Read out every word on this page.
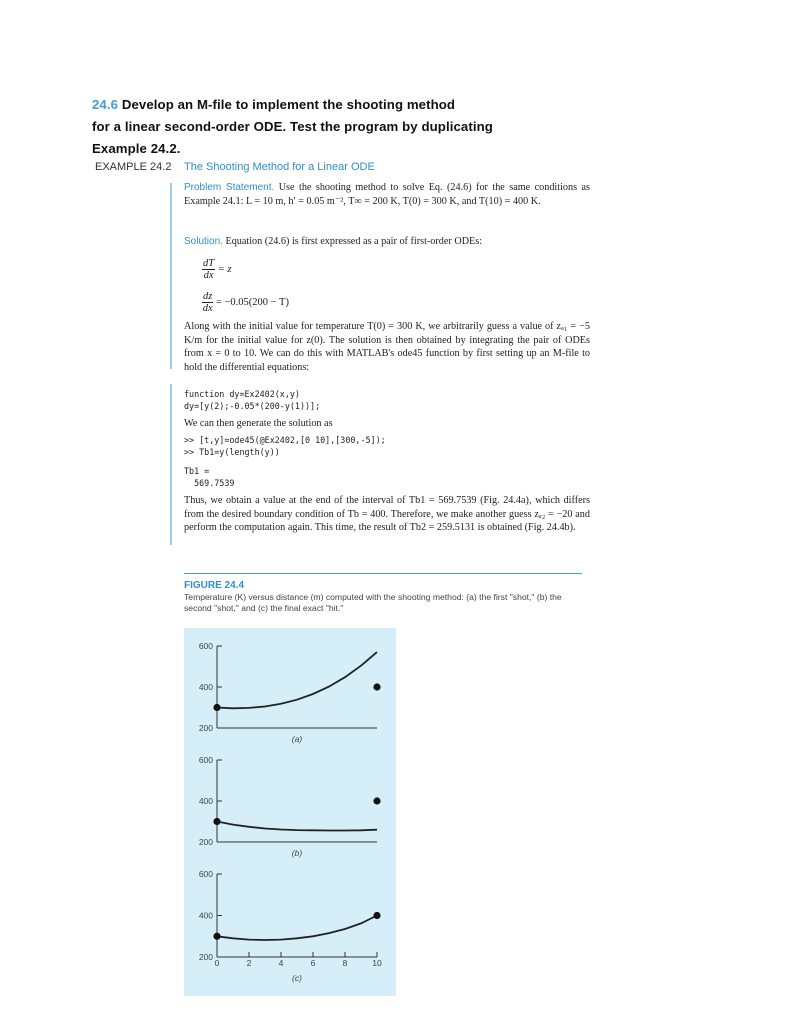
24.6 Develop an M-file to implement the shooting method
for a linear second-order ODE. Test the program by duplicating
Example 24.2.
EXAMPLE 24.2 The Shooting Method for a Linear ODE
Problem Statement. Use the shooting method to solve Eq. (24.6) for the same conditions as Example 24.1: L = 10 m, h′ = 0.05 m⁻², T∞ = 200 K, T(0) = 300 K, and T(10) = 400 K.
Solution. Equation (24.6) is first expressed as a pair of first-order ODEs:
$\frac{dT}{dx} = z$
$\frac{dz}{dx} = -0.05(200 - T)$
Along with the initial value for temperature T(0) = 300 K, we arbitrarily guess a value of zₐ₁ = −5 K/m for the initial value for z(0). The solution is then obtained by integrating the pair of ODEs from x = 0 to 10. We can do this with MATLAB's ode45 function by first setting up an M-file to hold the differential equations:
function dy=Ex2402(x,y)
dy=[y(2);-0.05*(200-y(1))];
We can then generate the solution as
>> [t,y]=ode45(@Ex2402,[0 10],[300,-5]);
>> Tb1=y(length(y))
Tb1 =
569.7539
Thus, we obtain a value at the end of the interval of Tb1 = 569.7539 (Fig. 24.4a), which differs from the desired boundary condition of Tb = 400. Therefore, we make another guess zₐ₂ = −20 and perform the computation again. This time, the result of Tb2 = 259.5131 is obtained (Fig. 24.4b).
FIGURE 24.4
Temperature (K) versus distance (m) computed with the shooting method: (a) the first "shot," (b) the second "shot," and (c) the final exact "hit."
600
400
200
(a)
600
400
200
(b)
600
400
200
(c)
0	2	4	6	8	10
